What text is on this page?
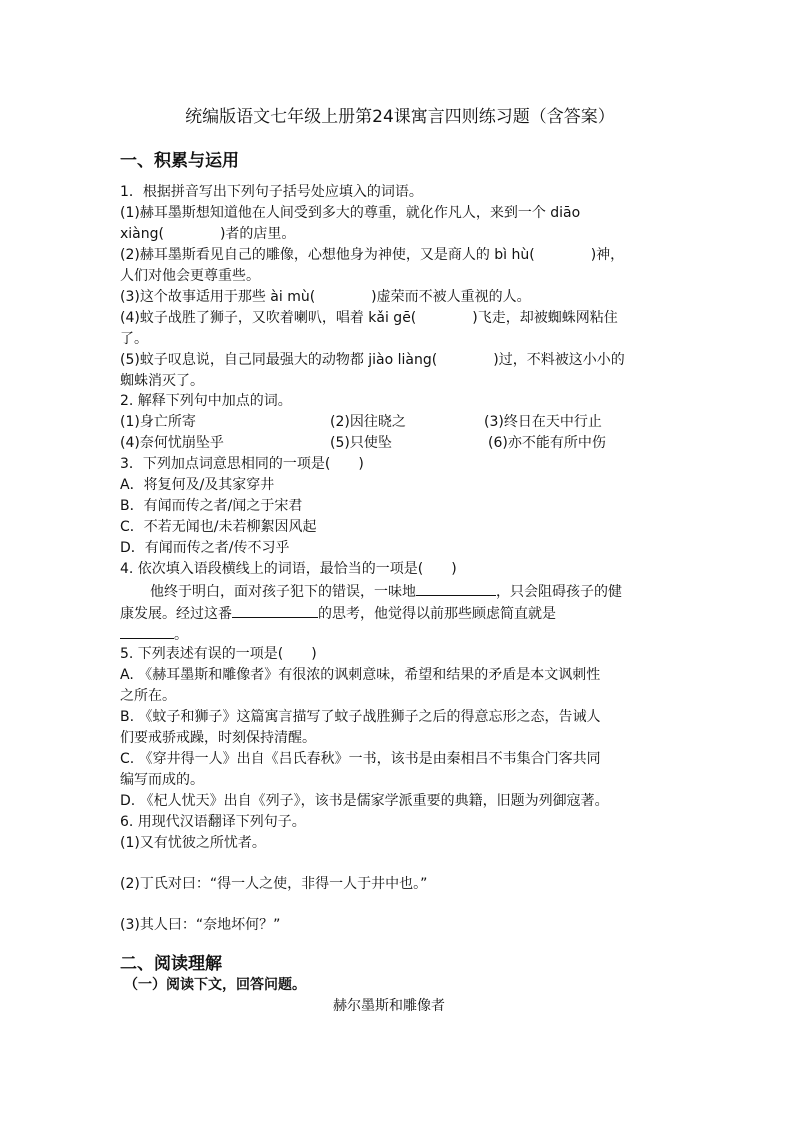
统编版语文七年级上册第24课寓言四则练习题（含答案）
一、积累与运用
1．根据拼音写出下列句子括号处应填入的词语。
(1)赫耳墨斯想知道他在人间受到多大的尊重，就化作凡人，来到一个 diāo
xiàng(　　　　)者的店里。
(2)赫耳墨斯看见自己的雕像，心想他身为神使，又是商人的 bì hù(　　　　)神，
人们对他会更尊重些。
(3)这个故事适用于那些 ài mù(　　　　)虚荣而不被人重视的人。
(4)蚊子战胜了狮子，又吹着喇叭，唱着 kǎi gē(　　　　)飞走，却被蜘蛛网粘住
了。
(5)蚊子叹息说，自己同最强大的动物都 jiào liàng(　　　　)过，不料被这小小的
蜘蛛消灭了。
2. 解释下列句中加点的词。
(1)身亡所寄	(2)因往晓之	(3)终日在天中行止
(4)奈何忧崩坠乎	(5)只使坠	(6)亦不能有所中伤
3．下列加点词意思相同的一项是(　　)
A．将复何及/及其家穿井
B．有闻而传之者/闻之于宋君
C．不若无闻也/未若柳絮因风起
D．有闻而传之者/传不习乎
4. 依次填入语段横线上的词语，最恰当的一项是(　　)
他终于明白，面对孩子犯下的错误，一味地	，只会阻碍孩子的健
康发展。经过这番	的思考，他觉得以前那些顾虑简直就是
。
5. 下列表述有误的一项是(　　)
A. 《赫耳墨斯和雕像者》有很浓的讽刺意味，希望和结果的矛盾是本文讽刺性
之所在。
B. 《蚊子和狮子》这篇寓言描写了蚊子战胜狮子之后的得意忘形之态，告诫人
们要戒骄戒躁，时刻保持清醒。
C. 《穿井得一人》出自《吕氏春秋》一书，该书是由秦相吕不韦集合门客共同
编写而成的。
D. 《杞人忧天》出自《列子》，该书是儒家学派重要的典籍，旧题为列御寇著。
6. 用现代汉语翻译下列句子。
(1)又有忧彼之所忧者。
(2)丁氏对曰：“得一人之使，非得一人于井中也。”
(3)其人曰：“奈地坏何？”
二、阅读理解
（一）阅读下文，回答问题。
赫尔墨斯和雕像者
